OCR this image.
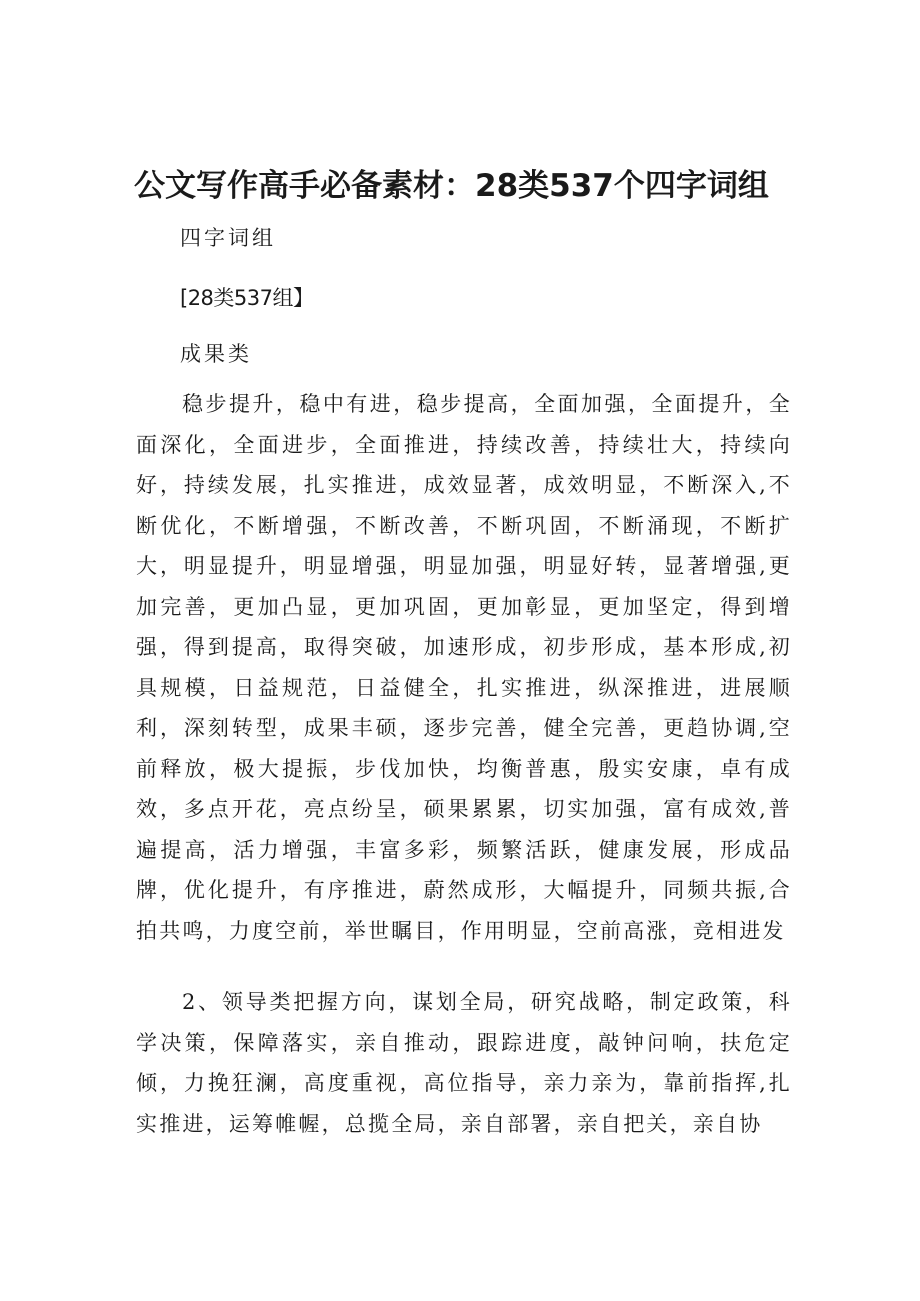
公文写作高手必备素材：28类537个四字词组

四字词组

[28类537组】

成果类

稳步提升，稳中有进，稳步提高，全面加强，全面提升，全面深化，全面进步，全面推进，持续改善，持续壮大，持续向好，持续发展，扎实推进，成效显著，成效明显，不断深入,不断优化，不断增强，不断改善，不断巩固，不断涌现，不断扩大，明显提升，明显增强，明显加强，明显好转，显著增强,更加完善，更加凸显，更加巩固，更加彰显，更加坚定，得到增强，得到提高，取得突破，加速形成，初步形成，基本形成,初具规模，日益规范，日益健全，扎实推进，纵深推进，进展顺利，深刻转型，成果丰硕，逐步完善，健全完善，更趋协调,空前释放，极大提振，步伐加快，均衡普惠，殷实安康，卓有成效，多点开花，亮点纷呈，硕果累累，切实加强，富有成效,普遍提高，活力增强，丰富多彩，频繁活跃，健康发展，形成品牌，优化提升，有序推进，蔚然成形，大幅提升，同频共振,合拍共鸣，力度空前，举世瞩目，作用明显，空前高涨，竞相进发

2、领导类把握方向，谋划全局，研究战略，制定政策，科学决策，保障落实，亲自推动，跟踪进度，敲钟问响，扶危定倾，力挽狂澜，高度重视，高位指导，亲力亲为，靠前指挥,扎实推进，运筹帷幄，总揽全局，亲自部署，亲自把关，亲自协
